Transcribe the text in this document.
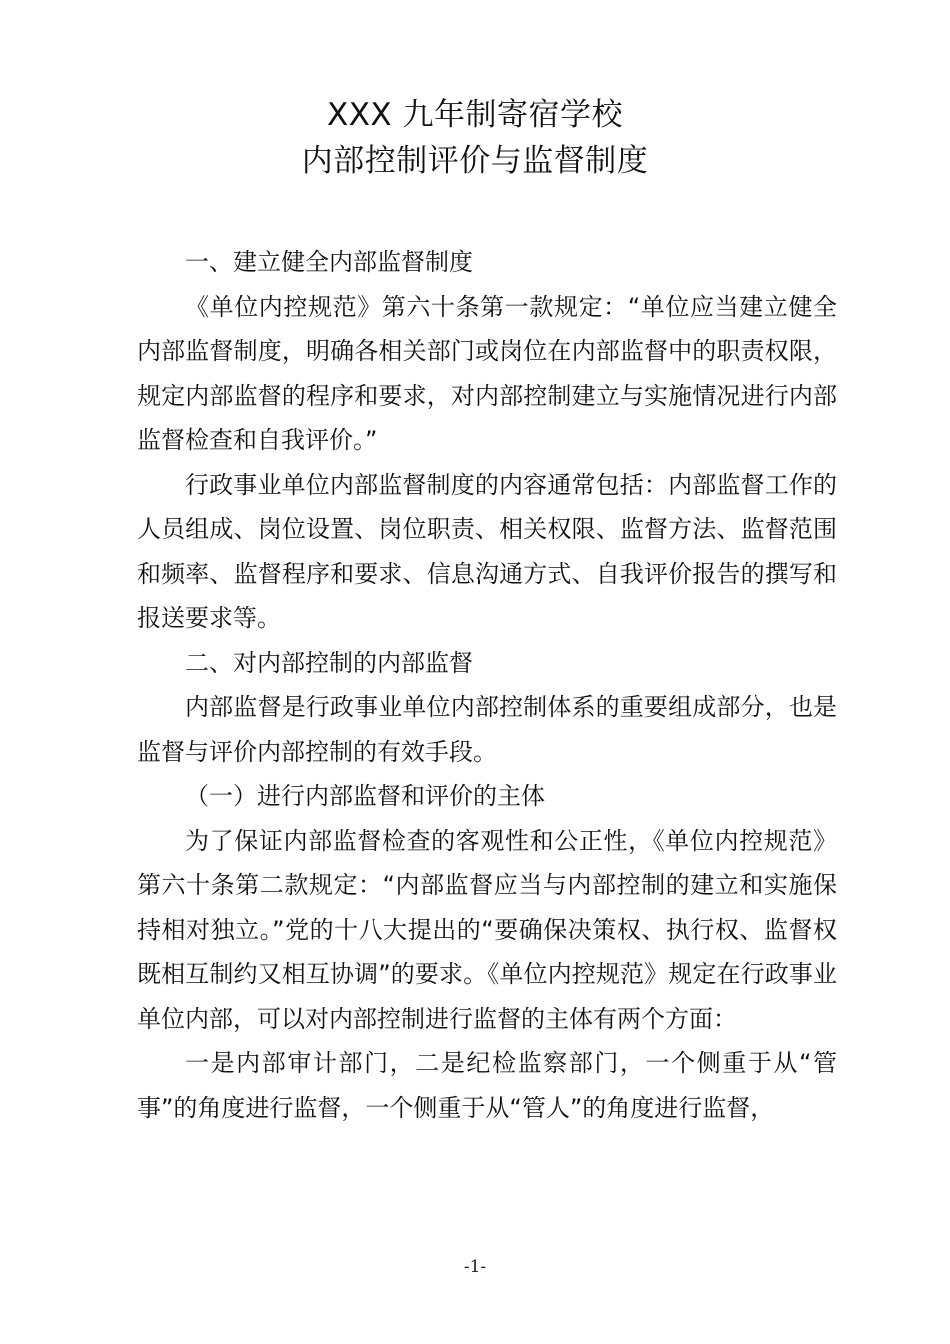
XXX 九年制寄宿学校
内部控制评价与监督制度

一、建立健全内部监督制度

《单位内控规范》第六十条第一款规定：“单位应当建立健全内部监督制度，明确各相关部门或岗位在内部监督中的职责权限，规定内部监督的程序和要求，对内部控制建立与实施情况进行内部监督检查和自我评价。”

行政事业单位内部监督制度的内容通常包括：内部监督工作的人员组成、岗位设置、岗位职责、相关权限、监督方法、监督范围和频率、监督程序和要求、信息沟通方式、自我评价报告的撰写和报送要求等。

二、对内部控制的内部监督

内部监督是行政事业单位内部控制体系的重要组成部分，也是监督与评价内部控制的有效手段。

（一）进行内部监督和评价的主体

为了保证内部监督检查的客观性和公正性，《单位内控规范》第六十条第二款规定：“内部监督应当与内部控制的建立和实施保持相对独立。”党的十八大提出的“要确保决策权、执行权、监督权既相互制约又相互协调”的要求。《单位内控规范》规定在行政事业单位内部，可以对内部控制进行监督的主体有两个方面：

一是内部审计部门，二是纪检监察部门，一个侧重于从“管事”的角度进行监督，一个侧重于从“管人”的角度进行监督，

-1-
